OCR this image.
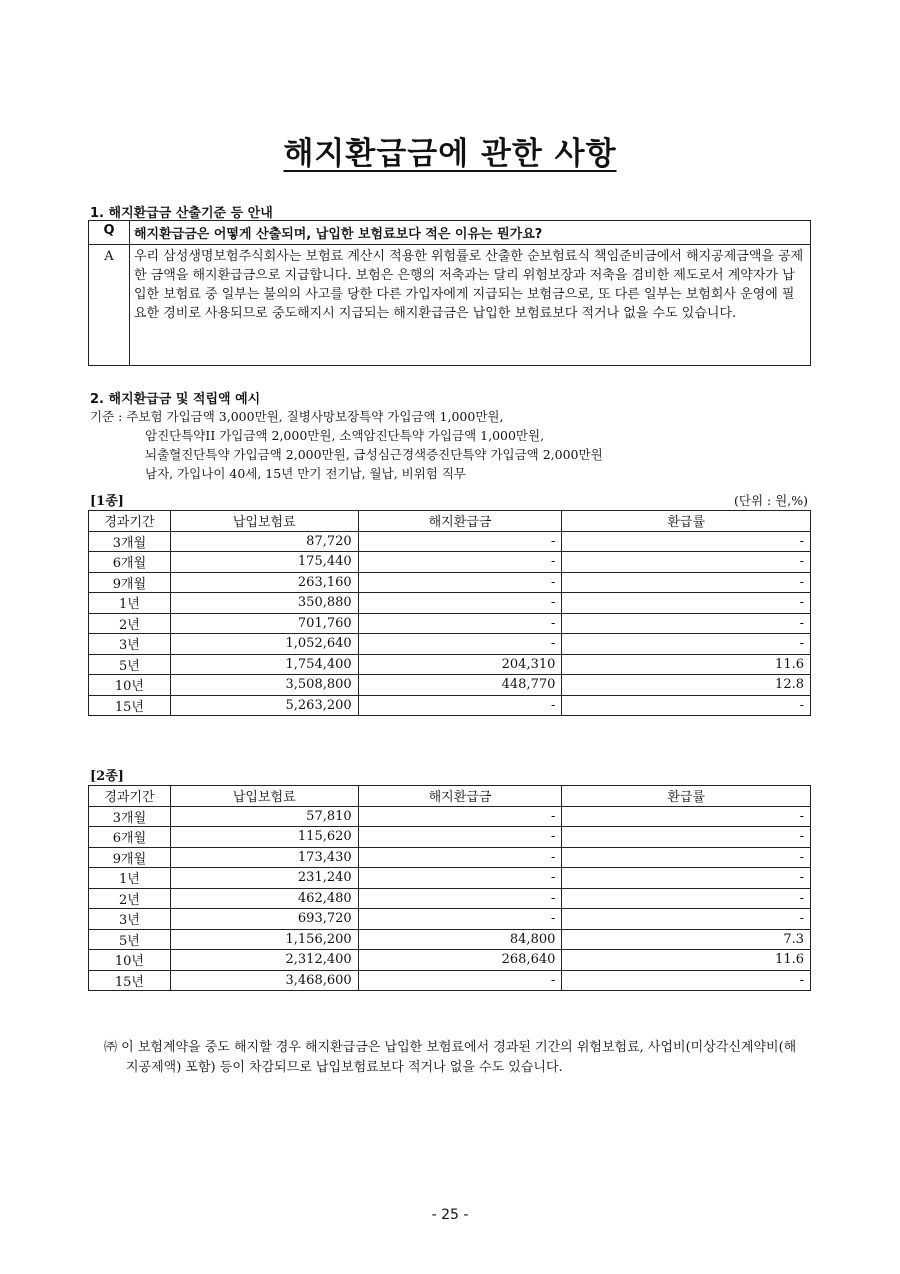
해지환급금에 관한 사항
1. 해지환급금 산출기준 등 안내
Q	해지환급금은 어떻게 산출되며, 납입한 보험료보다 적은 이유는 뭔가요?
A	우리 삼성생명보험주식회사는 보험료 계산시 적용한 위험률로 산출한 순보험료식 책임준비금에서 해지공제금액을 공제한 금액을 해지환급금으로 지급합니다. 보험은 은행의 저축과는 달리 위험보장과 저축을 겸비한 제도로서 계약자가 납입한 보험료 중 일부는 불의의 사고를 당한 다른 가입자에게 지급되는 보험금으로, 또 다른 일부는 보험회사 운영에 필요한 경비로 사용되므로 중도해지시 지급되는 해지환급금은 납입한 보험료보다 적거나 없을 수도 있습니다.
2. 해지환급금 및 적립액 예시
기준 : 주보험 가입금액 3,000만원, 질병사망보장특약 가입금액 1,000만원,
암진단특약II 가입금액 2,000만원, 소액암진단특약 가입금액 1,000만원,
뇌출혈진단특약 가입금액 2,000만원, 급성심근경색증진단특약 가입금액 2,000만원
남자, 가입나이 40세, 15년 만기 전기납, 월납, 비위험 직무
[1종]	(단위 : 원,%)
경과기간	납입보험료	해지환급금	환급률
3개월	87,720	-	-
6개월	175,440	-	-
9개월	263,160	-	-
1년	350,880	-	-
2년	701,760	-	-
3년	1,052,640	-	-
5년	1,754,400	204,310	11.6
10년	3,508,800	448,770	12.8
15년	5,263,200	-	-
[2종]
경과기간	납입보험료	해지환급금	환급률
3개월	57,810	-	-
6개월	115,620	-	-
9개월	173,430	-	-
1년	231,240	-	-
2년	462,480	-	-
3년	693,720	-	-
5년	1,156,200	84,800	7.3
10년	2,312,400	268,640	11.6
15년	3,468,600	-	-
㈜ 이 보험계약을 중도 해지할 경우 해지환급금은 납입한 보험료에서 경과된 기간의 위험보험료, 사업비(미상각신계약비(해지공제액) 포함) 등이 차감되므로 납입보험료보다 적거나 없을 수도 있습니다.
- 25 -
